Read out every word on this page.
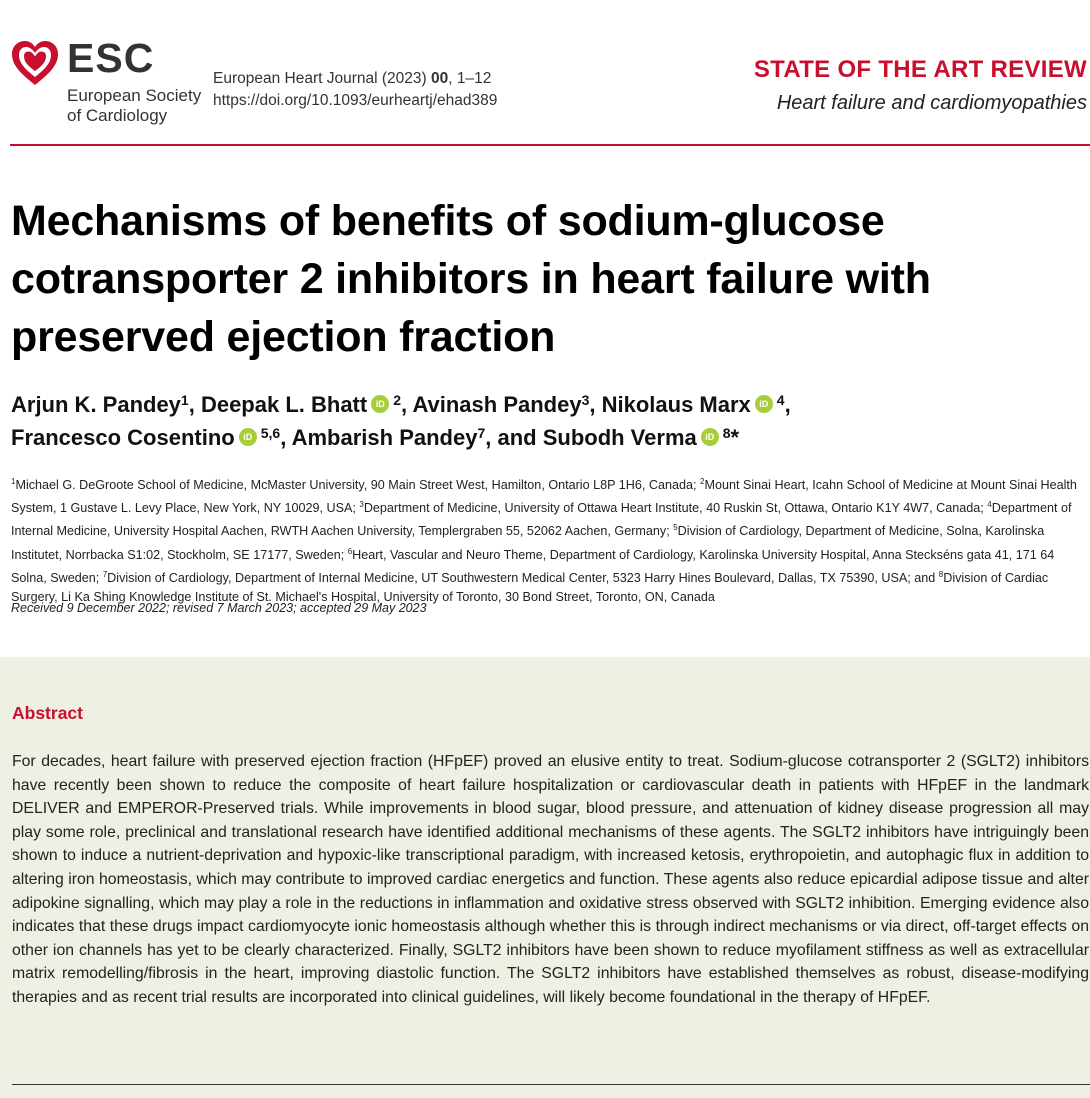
ESC
European Society
of Cardiology
European Heart Journal (2023) 00, 1–12
https://doi.org/10.1093/eurheartj/ehad389
STATE OF THE ART REVIEW
Heart failure and cardiomyopathies
Mechanisms of benefits of sodium-glucose cotransporter 2 inhibitors in heart failure with preserved ejection fraction
Arjun K. Pandey$^1$, Deepak L. Bhatt iD $^2$, Avinash Pandey$^3$, Nikolaus Marx iD $^4$,
Francesco Cosentino iD $^{5,6}$, Ambarish Pandey$^7$, and Subodh Verma iD $^8$*
$^1$Michael G. DeGroote School of Medicine, McMaster University, 90 Main Street West, Hamilton, Ontario L8P 1H6, Canada; $^2$Mount Sinai Heart, Icahn School of Medicine at Mount Sinai Health System, 1 Gustave L. Levy Place, New York, NY 10029, USA; $^3$Department of Medicine, University of Ottawa Heart Institute, 40 Ruskin St, Ottawa, Ontario K1Y 4W7, Canada; $^4$Department of Internal Medicine, University Hospital Aachen, RWTH Aachen University, Templergraben 55, 52062 Aachen, Germany; $^5$Division of Cardiology, Department of Medicine, Solna, Karolinska Institutet, Norrbacka S1:02, Stockholm, SE 17177, Sweden; $^6$Heart, Vascular and Neuro Theme, Department of Cardiology, Karolinska University Hospital, Anna Steckséns gata 41, 171 64 Solna, Sweden; $^7$Division of Cardiology, Department of Internal Medicine, UT Southwestern Medical Center, 5323 Harry Hines Boulevard, Dallas, TX 75390, USA; and $^8$Division of Cardiac Surgery, Li Ka Shing Knowledge Institute of St. Michael's Hospital, University of Toronto, 30 Bond Street, Toronto, ON, Canada
Received 9 December 2022; revised 7 March 2023; accepted 29 May 2023
Abstract
For decades, heart failure with preserved ejection fraction (HFpEF) proved an elusive entity to treat. Sodium-glucose cotransporter 2 (SGLT2) inhibitors have recently been shown to reduce the composite of heart failure hospitalization or cardiovascular death in patients with HFpEF in the landmark DELIVER and EMPEROR-Preserved trials. While improvements in blood sugar, blood pressure, and attenuation of kidney disease progression all may play some role, preclinical and translational research have identified additional mechanisms of these agents. The SGLT2 inhibitors have intriguingly been shown to induce a nutrient-deprivation and hypoxic-like transcriptional paradigm, with increased ketosis, erythropoietin, and autophagic flux in addition to altering iron homeostasis, which may contribute to improved cardiac energetics and function. These agents also reduce epicardial adipose tissue and alter adipokine signalling, which may play a role in the reductions in inflammation and oxidative stress observed with SGLT2 inhibition. Emerging evidence also indicates that these drugs impact cardiomyocyte ionic homeostasis although whether this is through indirect mechanisms or via direct, off-target effects on other ion channels has yet to be clearly characterized. Finally, SGLT2 inhibitors have been shown to reduce myofilament stiffness as well as extracellular matrix remodelling/fibrosis in the heart, improving diastolic function. The SGLT2 inhibitors have established themselves as robust, disease-modifying therapies and as recent trial results are incorporated into clinical guidelines, will likely become foundational in the therapy of HFpEF.
